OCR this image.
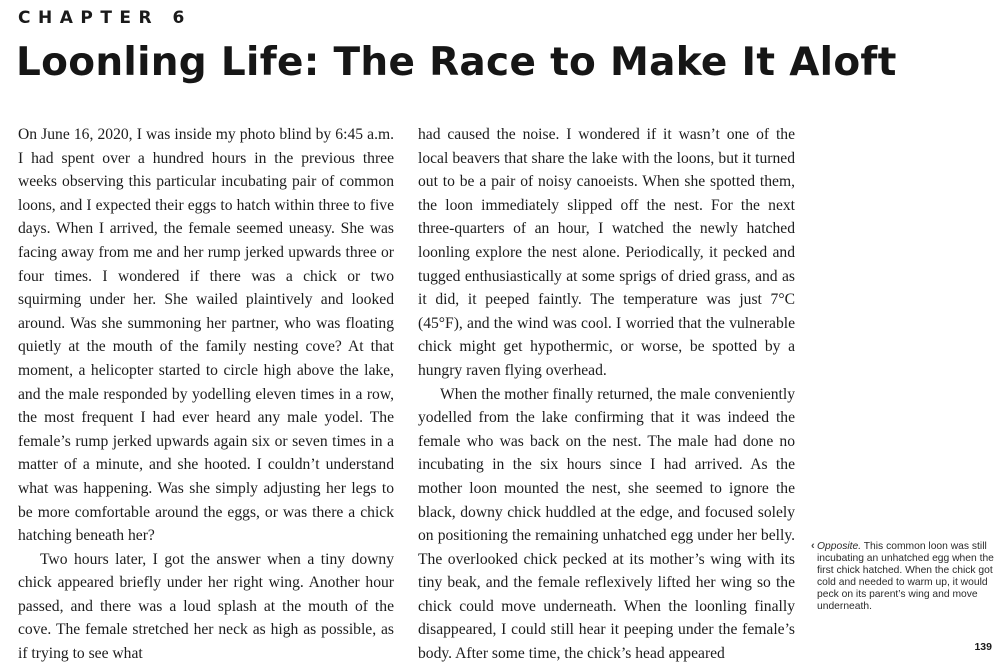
CHAPTER 6
Loonling Life: The Race to Make It Aloft

On June 16, 2020, I was inside my photo blind by 6:45 a.m. I had spent over a hundred hours in the previous three weeks observing this particular incubating pair of common loons, and I expected their eggs to hatch within three to five days. When I arrived, the female seemed uneasy. She was facing away from me and her rump jerked upwards three or four times. I wondered if there was a chick or two squirming under her. She wailed plaintively and looked around. Was she summoning her partner, who was floating quietly at the mouth of the family nesting cove? At that moment, a helicopter started to circle high above the lake, and the male responded by yodelling eleven times in a row, the most frequent I had ever heard any male yodel. The female’s rump jerked upwards again six or seven times in a matter of a minute, and she hooted. I couldn’t understand what was happening. Was she simply adjusting her legs to be more comfortable around the eggs, or was there a chick hatching beneath her?

Two hours later, I got the answer when a tiny downy chick appeared briefly under her right wing. Another hour passed, and there was a loud splash at the mouth of the cove. The female stretched her neck as high as possible, as if trying to see what

had caused the noise. I wondered if it wasn’t one of the local beavers that share the lake with the loons, but it turned out to be a pair of noisy canoeists. When she spotted them, the loon immediately slipped off the nest. For the next three-quarters of an hour, I watched the newly hatched loonling explore the nest alone. Periodically, it pecked and tugged enthusiastically at some sprigs of dried grass, and as it did, it peeped faintly. The temperature was just 7°C (45°F), and the wind was cool. I worried that the vulnerable chick might get hypothermic, or worse, be spotted by a hungry raven flying overhead.

When the mother finally returned, the male conveniently yodelled from the lake confirming that it was indeed the female who was back on the nest. The male had done no incubating in the six hours since I had arrived. As the mother loon mounted the nest, she seemed to ignore the black, downy chick huddled at the edge, and focused solely on positioning the remaining unhatched egg under her belly. The overlooked chick pecked at its mother’s wing with its tiny beak, and the female reflexively lifted her wing so the chick could move underneath. When the loonling finally disappeared, I could still hear it peeping under the female’s body. After some time, the chick’s head appeared

‹ Opposite. This common loon was still incubating an unhatched egg when the first chick hatched. When the chick got cold and needed to warm up, it would peck on its parent’s wing and move underneath.
139
